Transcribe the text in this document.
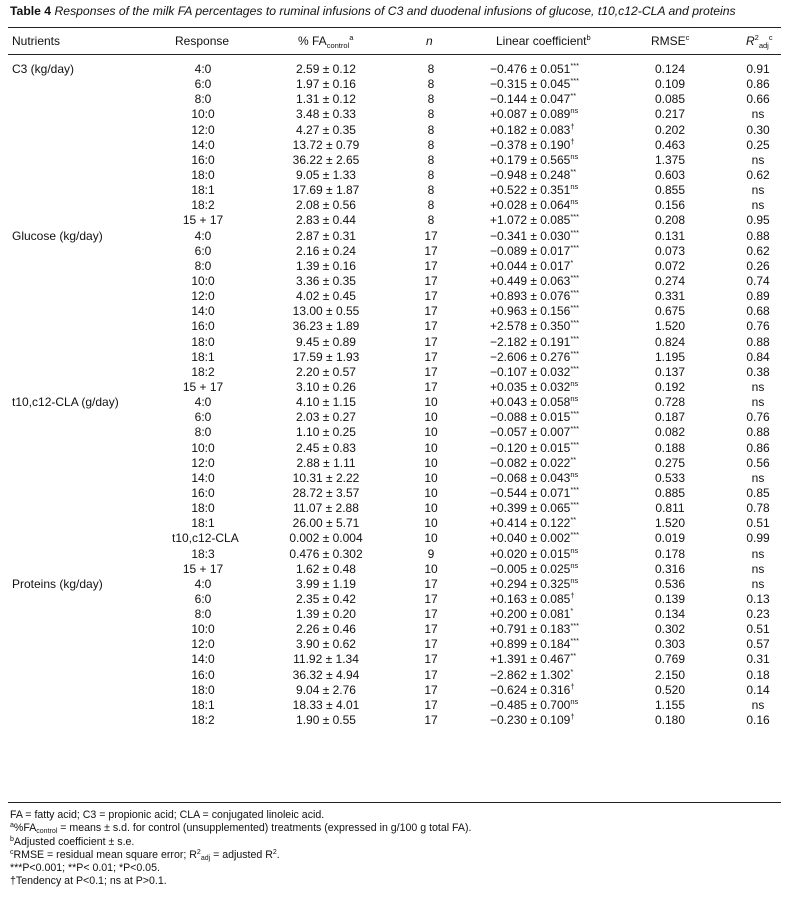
Table 4 Responses of the milk FA percentages to ruminal infusions of C3 and duodenal infusions of glucose, t10,c12-CLA and proteins
Nutrients	Response	% $FA_{control}^a$	n	Linear coefficient$^b$	RMSE$^c$	$R^2_{adj}^c$
C3 (kg/day)	4:0	2.59 ± 0.12	8	−0.476 ± 0.051***	0.124	0.91
6:0	1.97 ± 0.16	8	−0.315 ± 0.045***	0.109	0.86
8:0	1.31 ± 0.12	8	−0.144 ± 0.047**	0.085	0.66
10:0	3.48 ± 0.33	8	$+0.087 \pm 0.089^{ns}$	0.217	ns
12:0	4.27 ± 0.35	8	+0.182 ± 0.083†	0.202	0.30
14:0	13.72 ± 0.79	8	−0.378 ± 0.190†	0.463	0.25
16:0	36.22 ± 2.65	8	$+0.179 \pm 0.565^{ns}$	1.375	ns
18:0	9.05 ± 1.33	8	−0.948 ± 0.248**	0.603	0.62
18:1	17.69 ± 1.87	8	$+0.522 \pm 0.351^{ns}$	0.855	ns
18:2	2.08 ± 0.56	8	$+0.028 \pm 0.064^{ns}$	0.156	ns
15 + 17	2.83 ± 0.44	8	+1.072 ± 0.085***	0.208	0.95
Glucose (kg/day)	4:0	2.87 ± 0.31	17	−0.341 ± 0.030***	0.131	0.88
6:0	2.16 ± 0.24	17	−0.089 ± 0.017***	0.073	0.62
8:0	1.39 ± 0.16	17	+0.044 ± 0.017*	0.072	0.26
10:0	3.36 ± 0.35	17	+0.449 ± 0.063***	0.274	0.74
12:0	4.02 ± 0.45	17	+0.893 ± 0.076***	0.331	0.89
14:0	13.00 ± 0.55	17	+0.963 ± 0.156***	0.675	0.68
16:0	36.23 ± 1.89	17	+2.578 ± 0.350***	1.520	0.76
18:0	9.45 ± 0.89	17	−2.182 ± 0.191***	0.824	0.88
18:1	17.59 ± 1.93	17	−2.606 ± 0.276***	1.195	0.84
18:2	2.20 ± 0.57	17	−0.107 ± 0.032***	0.137	0.38
15 + 17	3.10 ± 0.26	17	$+0.035 \pm 0.032^{ns}$	0.192	ns
t10,c12-CLA (g/day)	4:0	4.10 ± 1.15	10	$+0.043 \pm 0.058^{ns}$	0.728	ns
6:0	2.03 ± 0.27	10	−0.088 ± 0.015***	0.187	0.76
8:0	1.10 ± 0.25	10	−0.057 ± 0.007***	0.082	0.88
10:0	2.45 ± 0.83	10	−0.120 ± 0.015***	0.188	0.86
12:0	2.88 ± 1.11	10	−0.082 ± 0.022**	0.275	0.56
14:0	10.31 ± 2.22	10	$-0.068 \pm 0.043^{ns}$	0.533	ns
16:0	28.72 ± 3.57	10	−0.544 ± 0.071***	0.885	0.85
18:0	11.07 ± 2.88	10	+0.399 ± 0.065***	0.811	0.78
18:1	26.00 ± 5.71	10	+0.414 ± 0.122**	1.520	0.51
t10,c12-CLA	0.002 ± 0.004	10	+0.040 ± 0.002***	0.019	0.99
18:3	0.476 ± 0.302	9	$+0.020 \pm 0.015^{ns}$	0.178	ns
15 + 17	1.62 ± 0.48	10	$-0.005 \pm 0.025^{ns}$	0.316	ns
Proteins (kg/day)	4:0	3.99 ± 1.19	17	$+0.294 \pm 0.325^{ns}$	0.536	ns
6:0	2.35 ± 0.42	17	+0.163 ± 0.085†	0.139	0.13
8:0	1.39 ± 0.20	17	+0.200 ± 0.081*	0.134	0.23
10:0	2.26 ± 0.46	17	+0.791 ± 0.183***	0.302	0.51
12:0	3.90 ± 0.62	17	+0.899 ± 0.184***	0.303	0.57
14:0	11.92 ± 1.34	17	+1.391 ± 0.467**	0.769	0.31
16:0	36.32 ± 4.94	17	−2.862 ± 1.302*	2.150	0.18
18:0	9.04 ± 2.76	17	−0.624 ± 0.316†	0.520	0.14
18:1	18.33 ± 4.01	17	$-0.485 \pm 0.700^{ns}$	1.155	ns
18:2	1.90 ± 0.55	17	−0.230 ± 0.109†	0.180	0.16
FA = fatty acid; C3 = propionic acid; CLA = conjugated linoleic acid.
$^a\%FA_{control}$ = means ± s.d. for control (unsupplemented) treatments (expressed in g/100 g total FA).
$^b$Adjusted coefficient ± s.e.
$^c$RMSE = residual mean square error; $R^2_{adj}$ = adjusted $R^2$.
***P<0.001; **P< 0.01; *P<0.05.
†Tendency at P<0.1; ns at P>0.1.
